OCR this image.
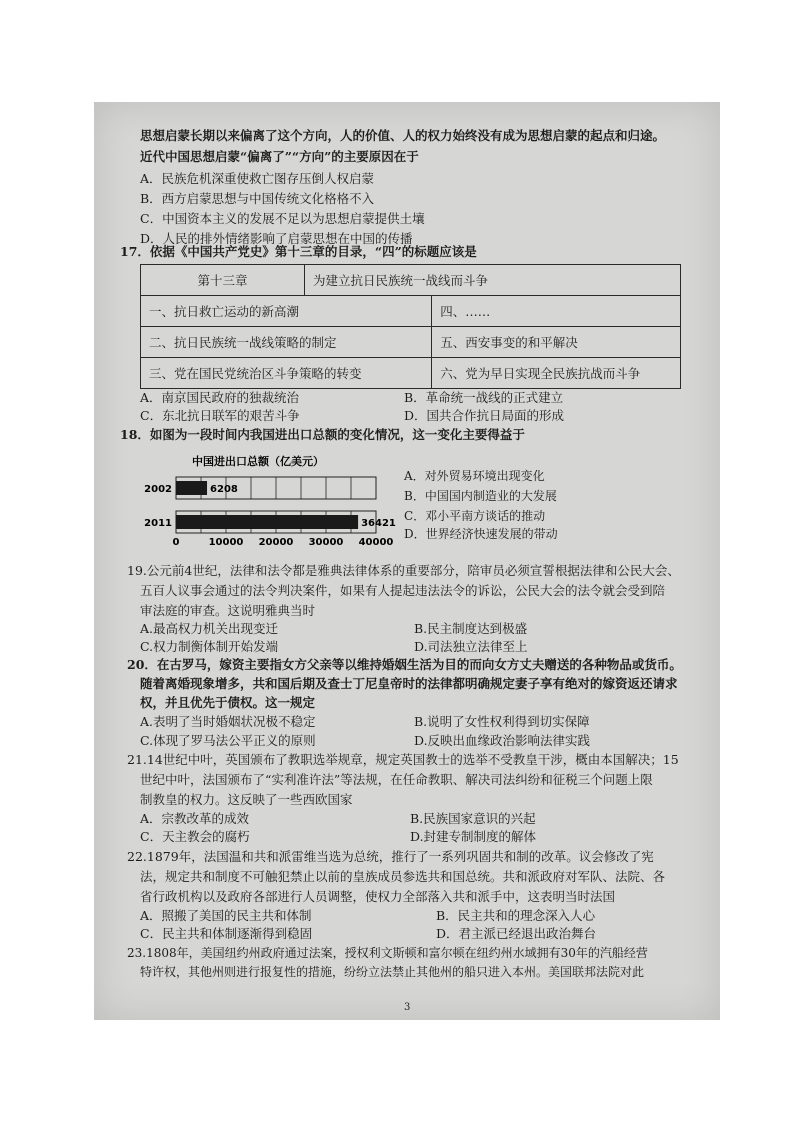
思想启蒙长期以来偏离了这个方向，人的价值、人的权力始终没有成为思想启蒙的起点和归途。
近代中国思想启蒙“偏离了”“方向”的主要原因在于
A．民族危机深重使救亡图存压倒人权启蒙
B．西方启蒙思想与中国传统文化格格不入
C．中国资本主义的发展不足以为思想启蒙提供土壤
D．人民的排外情绪影响了启蒙思想在中国的传播
17．依据《中国共产党史》第十三章的目录，“四”的标题应该是
第十三章	为建立抗日民族统一战线而斗争	
一、抗日救亡运动的新高潮		四、……
二、抗日民族统一战线策略的制定		五、西安事变的和平解决
三、党在国民党统治区斗争策略的转变		六、党为早日实现全民族抗战而斗争
A．南京国民政府的独裁统治	B．革命统一战线的正式建立
C．东北抗日联军的艰苦斗争	D．国共合作抗日局面的形成
18．如图为一段时间内我国进出口总额的变化情况，这一变化主要得益于
中国进出口总额（亿美元）
6208
2002
36421
2011
0	10000 20000 30000 40000
A．对外贸易环境出现变化
B．中国国内制造业的大发展
C．邓小平南方谈话的推动
D．世界经济快速发展的带动
19.公元前4世纪，法律和法令都是雅典法律体系的重要部分，陪审员必须宣誓根据法律和公民大会、
五百人议事会通过的法令判决案件，如果有人提起违法法令的诉讼，公民大会的法令就会受到陪
审法庭的审查。这说明雅典当时
A.最高权力机关出现变迁	B.民主制度达到极盛
C.权力制衡体制开始发端	D.司法独立法律至上
20．在古罗马，嫁资主要指女方父亲等以维持婚姻生活为目的而向女方丈夫赠送的各种物品或货币。
随着离婚现象增多，共和国后期及查士丁尼皇帝时的法律都明确规定妻子享有绝对的嫁资返还请求
权，并且优先于债权。这一规定
A.表明了当时婚姻状况极不稳定	B.说明了女性权利得到切实保障
C.体现了罗马法公平正义的原则	D.反映出血缘政治影响法律实践
21.14世纪中叶，英国颁布了教职选举规章，规定英国教士的选举不受教皇干涉，概由本国解决；15
世纪中叶，法国颁布了“实利准许法”等法规，在任命教职、解决司法纠纷和征税三个问题上限
制教皇的权力。这反映了一些西欧国家
A．宗教改革的成效	B.民族国家意识的兴起
C．天主教会的腐朽	D.封建专制制度的解体
22.1879年，法国温和共和派雷维当选为总统，推行了一系列巩固共和制的改革。议会修改了宪
法，规定共和制度不可触犯禁止以前的皇族成员参选共和国总统。共和派政府对军队、法院、各
省行政机构以及政府各部进行人员调整，使权力全部落入共和派手中，这表明当时法国
A．照搬了美国的民主共和体制	B．民主共和的理念深入人心
C．民主共和体制逐渐得到稳固	D．君主派已经退出政治舞台
23.1808年，美国纽约州政府通过法案，授权利文斯顿和富尔顿在纽约州水域拥有30年的汽船经营
特许权，其他州则进行报复性的措施，纷纷立法禁止其他州的船只进入本州。美国联邦法院对此
3
